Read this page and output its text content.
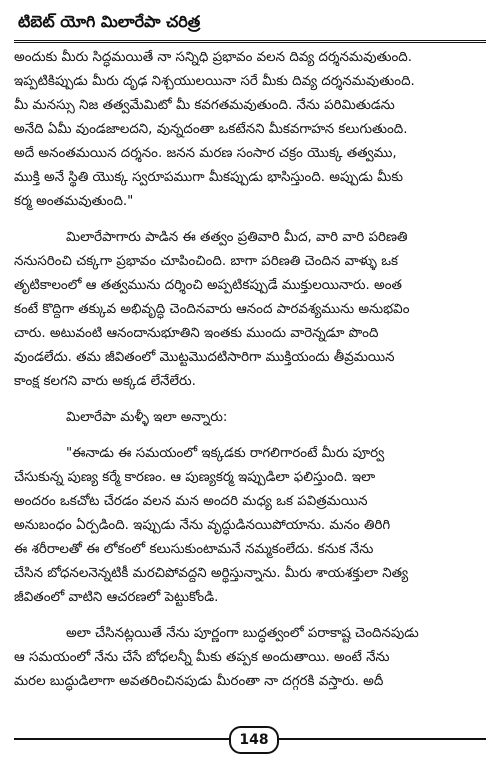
టిబెట్ యోగి మిలారేపా చరిత్ర
అందుకు మీరు సిద్ధమయితే నా సన్నిధి ప్రభావం వలన దివ్య దర్శనమవుతుంది.
ఇప్పటికిప్పుడు మీరు దృఢ నిశ్చయులయినా సరే మీకు దివ్య దర్శనమవుతుంది.
మీ మనస్సు నిజ తత్వమేమిటో మీ కవగతమవుతుంది. నేను పరిమితుడను
అనేది ఏమీ వుండజాలదని, వున్నదంతా ఒకటేనని మీకవగాహన కలుగుతుంది.
అదే అనంతమయిన దర్శనం. జనన మరణ సంసార చక్రం యొక్క తత్వము,
ముక్తి అనే స్థితి యొక్క స్వరూపముగా మీకప్పుడు భాసిస్తుంది. అప్పుడు మీకు
కర్మ అంతమవుతుంది."
మిలారేపాగారు పాడిన ఈ తత్వం ప్రతివారి మీద, వారి వారి పరిణతి
ననుసరించి చక్కగా ప్రభావం చూపించింది. బాగా పరిణతి చెందిన వాళ్ళు ఒక
తృటికాలంలో ఆ తత్వమును దర్శించి అప్పటికప్పుడే ముక్తులయినారు. అంత
కంటే కొద్దిగా తక్కువ అభివృద్ధి చెందినవారు ఆనంద పారవశ్యమును అనుభవిం
చారు. అటువంటి ఆనందానుభూతిని ఇంతకు ముందు వారెన్నడూ పొంది
వుండలేదు. తమ జీవితంలో మొట్టమొదటిసారిగా ముక్తియందు తీవ్రమయిన
కాంక్ష కలగని వారు అక్కడ లేనేలేరు.
మిలారేపా మళ్ళీ ఇలా అన్నారు:
"ఈనాడు ఈ సమయంలో ఇక్కడకు రాగలిగారంటే మీరు పూర్వ
చేసుకున్న పుణ్య కర్మే కారణం. ఆ పుణ్యకర్మ ఇప్పుడిలా ఫలిస్తుంది. ఇలా
అందరం ఒకచోట చేరడం వలన మన అందరి మధ్య ఒక పవిత్రమయిన
అనుబంధం ఏర్పడింది. ఇప్పుడు నేను వృద్ధుడినయిపోయాను. మనం తిరిగి
ఈ శరీరాలతో ఈ లోకంలో కలుసుకుంటామనే నమ్మకంలేదు. కనుక నేను
చేసిన బోధనలనెన్నటికీ మరచిపోవద్దని అర్థిస్తున్నాను. మీరు శాయశక్తులా నిత్య
జీవితంలో వాటిని ఆచరణలో పెట్టుకోండి.
అలా చేసినట్లయితే నేను పూర్ణంగా బుద్ధత్వంలో పరాకాష్ట చెందినపుడు
ఆ సమయంలో నేను చేసే బోధలన్నీ మీకు తప్పక అందుతాయి. అంటే నేను
మరల బుద్ధుడిలాగా అవతరించినపుడు మీరంతా నా దగ్గరకి వస్తారు. అదీ
148
